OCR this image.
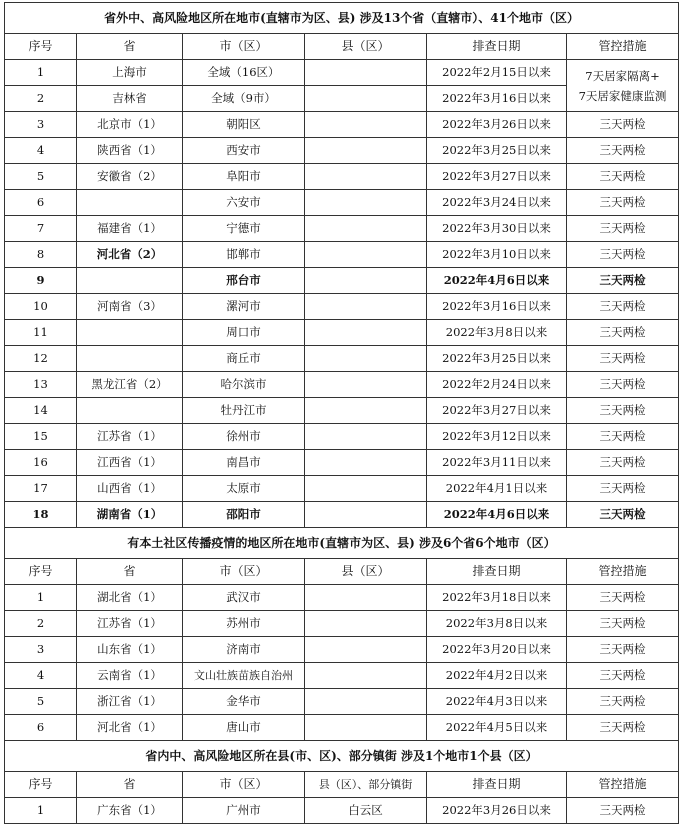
省外中、高风险地区所在地市(直辖市为区、县) 涉及13个省（直辖市）、41个地市（区）					
序号	省	市（区）	县（区）	排查日期	管控措施
1	上海市	全域（16区）		2022年2月15日以来	7天居家隔离+
7天居家健康监测
2	吉林省	全域（9市）		2022年3月16日以来	
3	北京市（1）	朝阳区		2022年3月26日以来	三天两检
4	陕西省（1）	西安市		2022年3月25日以来	三天两检
5	安徽省（2）	阜阳市		2022年3月27日以来	三天两检
6		六安市		2022年3月24日以来	三天两检
7	福建省（1）	宁德市		2022年3月30日以来	三天两检
8	河北省（2）	邯郸市		2022年3月10日以来	三天两检
9		邢台市		2022年4月6日以来	三天两检
10	河南省（3）	漯河市		2022年3月16日以来	三天两检
11		周口市		2022年3月8日以来	三天两检
12		商丘市		2022年3月25日以来	三天两检
13	黑龙江省（2）	哈尔滨市		2022年2月24日以来	三天两检
14		牡丹江市		2022年3月27日以来	三天两检
15	江苏省（1）	徐州市		2022年3月12日以来	三天两检
16	江西省（1）	南昌市		2022年3月11日以来	三天两检
17	山西省（1）	太原市		2022年4月1日以来	三天两检
18	湖南省（1）	邵阳市		2022年4月6日以来	三天两检
有本土社区传播疫情的地区所在地市(直辖市为区、县) 涉及6个省6个地市（区）					
序号	省	市（区）	县（区）	排查日期	管控措施
1	湖北省（1）	武汉市		2022年3月18日以来	三天两检
2	江苏省（1）	苏州市		2022年3月8日以来	三天两检
3	山东省（1）	济南市		2022年3月20日以来	三天两检
4	云南省（1）	文山壮族苗族自治州		2022年4月2日以来	三天两检
5	浙江省（1）	金华市		2022年4月3日以来	三天两检
6	河北省（1）	唐山市		2022年4月5日以来	三天两检
省内中、高风险地区所在县(市、区)、部分镇街 涉及1个地市1个县（区）					
序号	省	市（区）	县（区）、部分镇街	排查日期	管控措施
1	广东省（1）	广州市	白云区	2022年3月26日以来	三天两检
